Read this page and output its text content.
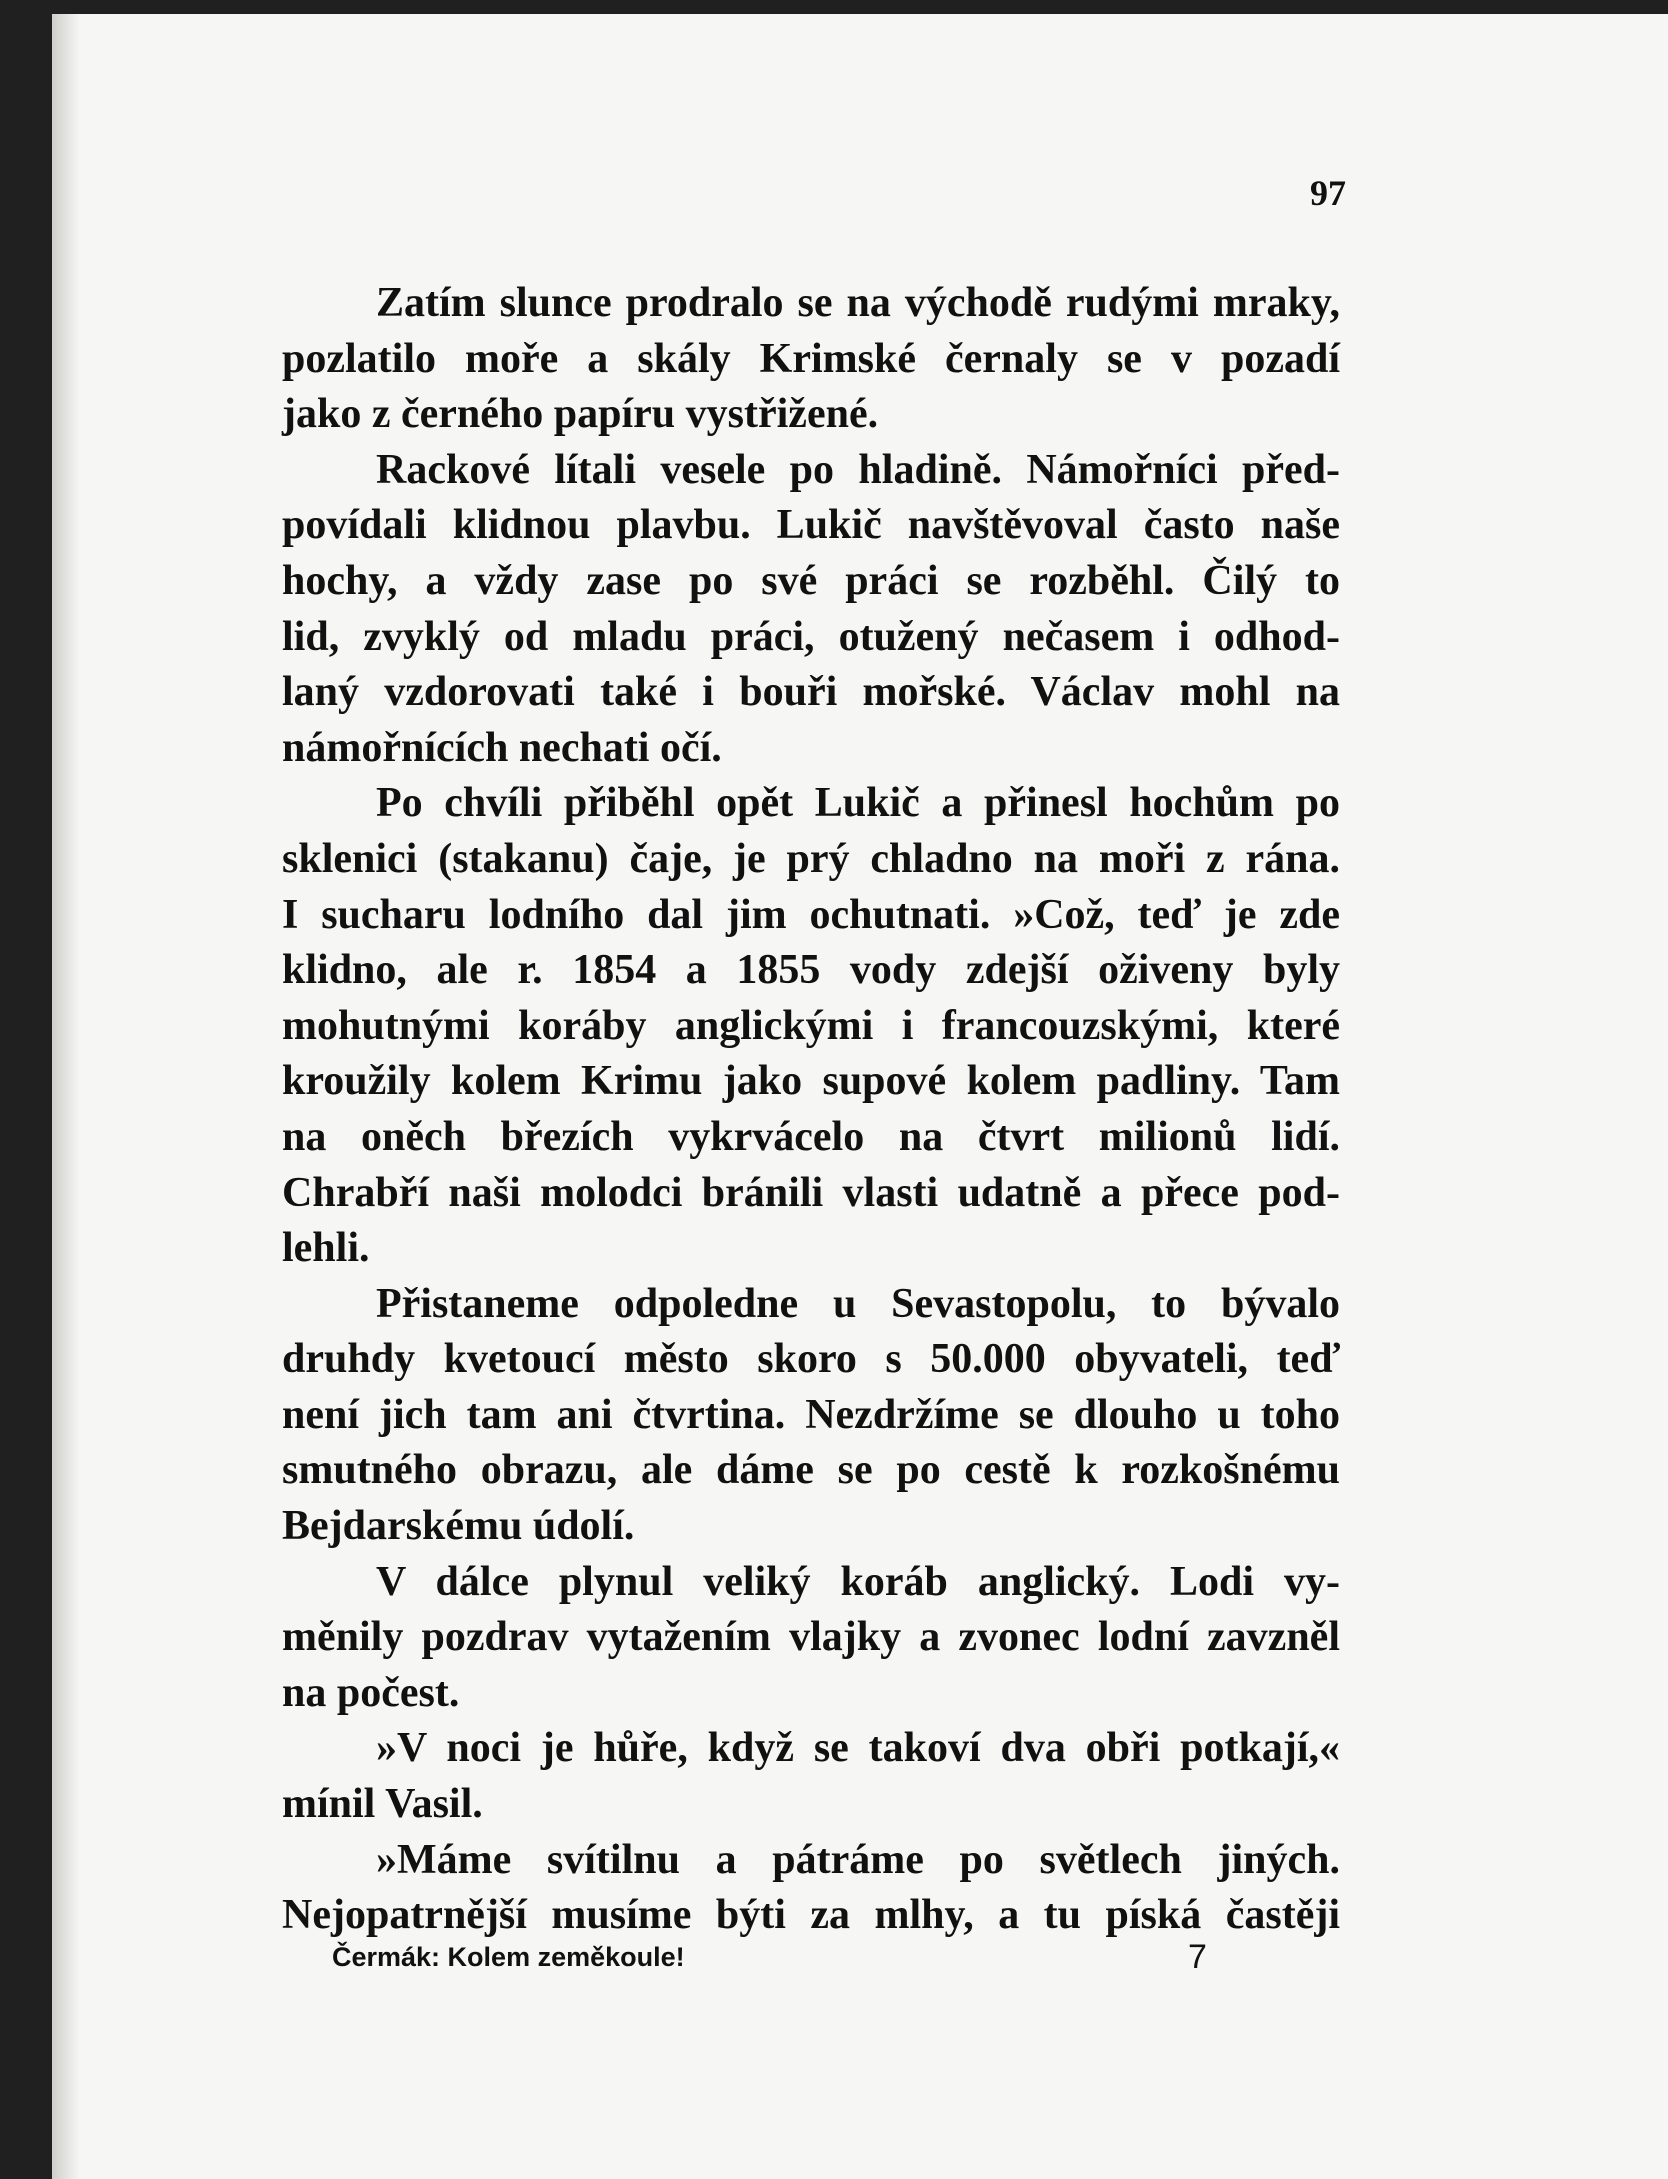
97

Zatím slunce prodralo se na východě rudými mraky,
pozlatilo moře a skály Krimské černaly se v pozadí
jako z černého papíru vystřižené.

Rackové lítali vesele po hladině. Námořníci před-
povídali klidnou plavbu. Lukič navštěvoval často naše
hochy, a vždy zase po své práci se rozběhl. Čilý to
lid, zvyklý od mladu práci, otužený nečasem i odhod-
laný vzdorovati také i bouři mořské. Václav mohl na
námořnících nechati očí.

Po chvíli přiběhl opět Lukič a přinesl hochům po
sklenici (stakanu) čaje, je prý chladno na moři z rána.
I sucharu lodního dal jim ochutnati. »Což, teď je zde
klidno, ale r. 1854 a 1855 vody zdejší oživeny byly
mohutnými koráby anglickými i francouzskými, které
kroužily kolem Krimu jako supové kolem padliny. Tam
na oněch březích vykrvácelo na čtvrt milionů lidí.
Chrabří naši molodci bránili vlasti udatně a přece pod-
lehli.

Přistaneme odpoledne u Sevastopolu, to bývalo
druhdy kvetoucí město skoro s 50.000 obyvateli, teď
není jich tam ani čtvrtina. Nezdržíme se dlouho u toho
smutného obrazu, ale dáme se po cestě k rozkošnému
Bejdarskému údolí.

V dálce plynul veliký koráb anglický. Lodi vy-
měnily pozdrav vytažením vlajky a zvonec lodní zavzněl
na počest.

»V noci je hůře, když se takoví dva obři potkají,«
mínil Vasil.

»Máme svítilnu a pátráme po světlech jiných.
Nejopatrnější musíme býti za mlhy, a tu píská častěji

Čermák: Kolem zeměkoule!	7
